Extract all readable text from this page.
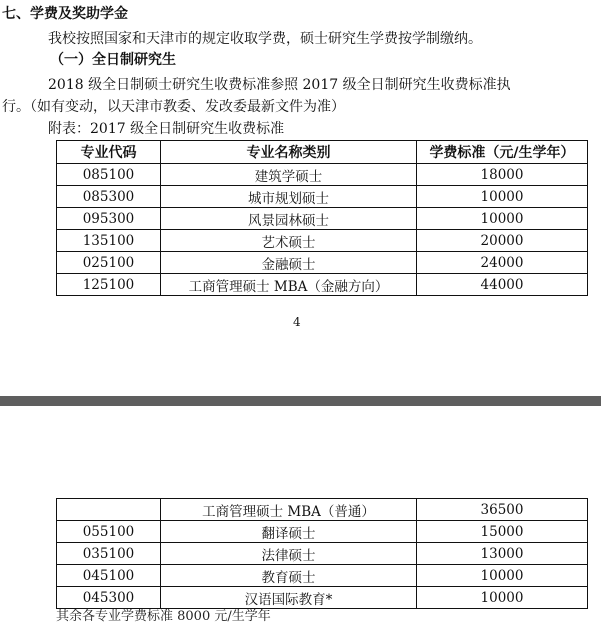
七、学费及奖助学金
我校按照国家和天津市的规定收取学费，硕士研究生学费按学制缴纳。
（一）全日制研究生
2018 级全日制硕士研究生收费标准参照 2017 级全日制研究生收费标准执
行。（如有变动，以天津市教委、发改委最新文件为准）
附表：2017 级全日制研究生收费标准
专业代码	专业名称类别	学费标准（元/生学年）
085100	建筑学硕士	18000
085300	城市规划硕士	10000
095300	风景园林硕士	10000
135100	艺术硕士	20000
025100	金融硕士	24000
125100	工商管理硕士 MBA（金融方向）	44000
4
	工商管理硕士 MBA（普通）	36500
055100	翻译硕士	15000
035100	法律硕士	13000
045100	教育硕士	10000
045300	汉语国际教育*	10000
其余各专业学费标准 8000 元/生学年
